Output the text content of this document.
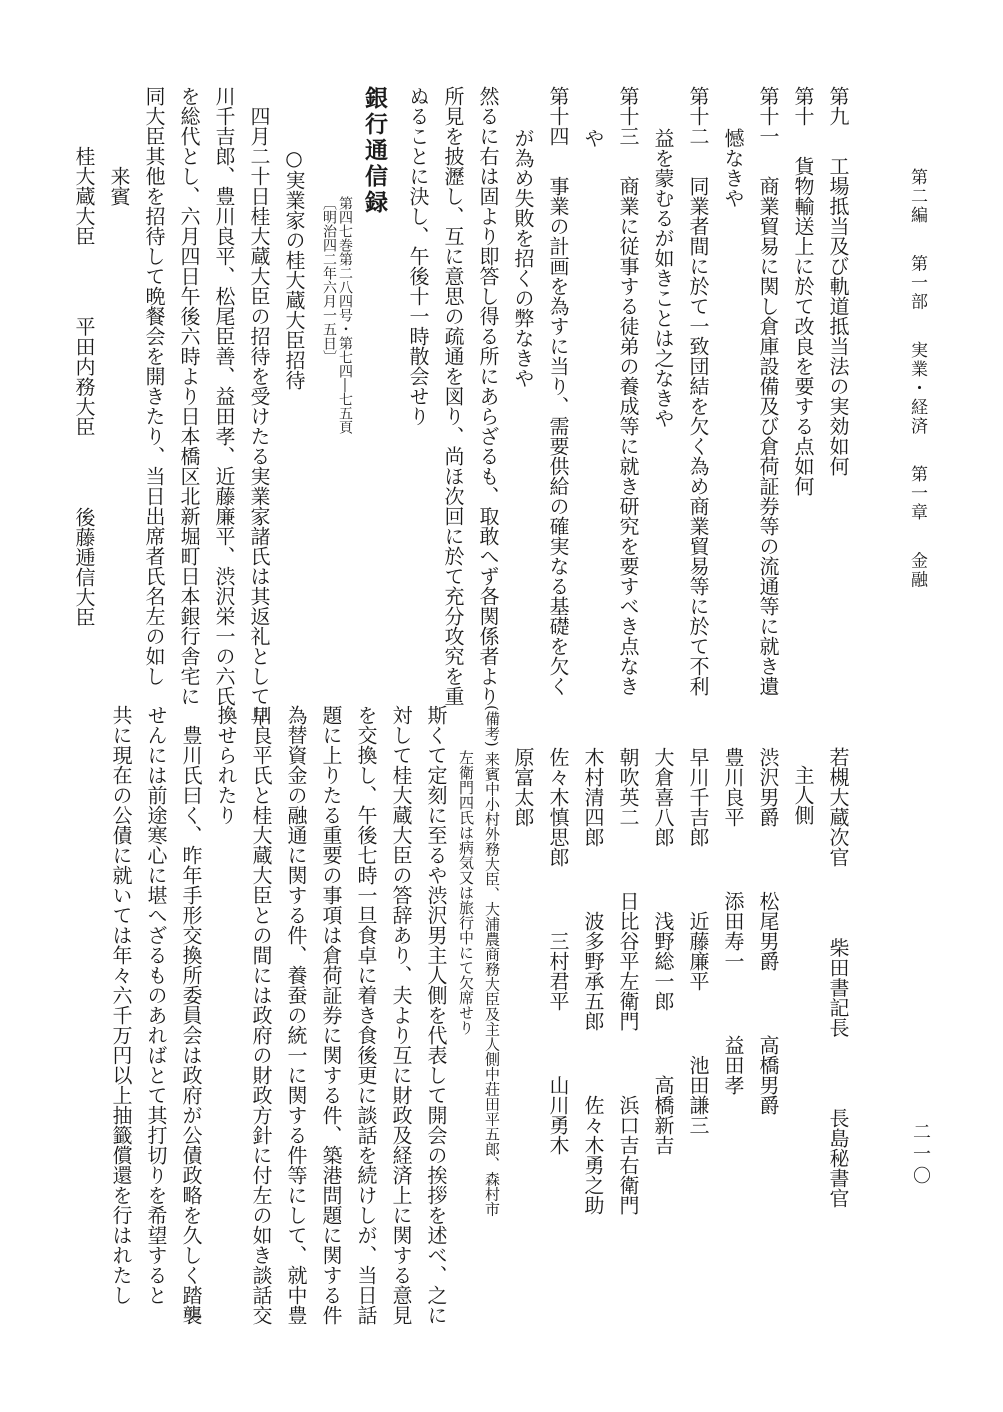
第二編 第一部 実業・経済 第一章 金融
二一〇

第九工場抵当及び軌道抵当法の実効如何

第十貨物輸送上に於て改良を要する点如何

第十一商業貿易に関し倉庫設備及び倉荷証券等の流通等に就き遺

憾なきや

第十二同業者間に於て一致団結を欠く為め商業貿易等に於て不利

益を蒙むるが如きことは之なきや

第十三商業に従事する徒弟の養成等に就き研究を要すべき点なき

や

第十四事業の計画を為すに当り、需要供給の確実なる基礎を欠く

が為め失敗を招くの弊なきや

然るに右は固より即答し得る所にあらざるも、取敢へず各関係者より

所見を披瀝し、互に意思の疏通を図り、尚ほ次回に於て充分攻究を重

ぬることに決し、午後十一時散会せり

銀行通信録

第四七巻第二八四号・第七四―七五頁
〔明治四二年六月一五日〕

○実業家の桂大蔵大臣招待

四月二十日桂大蔵大臣の招待を受けたる実業家諸氏は其返礼として早

川千吉郎、豊川良平、松尾臣善、益田孝、近藤廉平、渋沢栄一の六氏

を総代とし、六月四日午後六時より日本橋区北新堀町日本銀行舎宅に

同大臣其他を招待して晩餐会を開きたり、当日出席者氏名左の如し

来賓

桂大蔵大臣 平田内務大臣 後藤逓信大臣

若槻大蔵次官 柴田書記長 長島秘書官

主人側

渋沢男爵松尾男爵高橋男爵

豊川良平添田寿一益田孝

早川千吉郎近藤廉平池田謙三

大倉喜八郎浅野総一郎高橋新吉

朝吹英二日比谷平左衛門浜口吉右衛門

木村清四郎波多野承五郎佐々木勇之助

佐々木慎思郎三村君平山川勇木

原富太郎

(備考) 来賓中小村外務大臣、大浦農商務大臣及主人側中荘田平五郎、森村市

左衛門四氏は病気又は旅行中にて欠席せり

斯くて定刻に至るや渋沢男主人側を代表して開会の挨拶を述べ、之に

対して桂大蔵大臣の答辞あり、夫より互に財政及経済上に関する意見

を交換し、午後七時一旦食卓に着き食後更に談話を続けしが、当日話

題に上りたる重要の事項は倉荷証券に関する件、築港問題に関する件

為替資金の融通に関する件、養蚕の統一に関する件等にして、就中豊

川良平氏と桂大蔵大臣との間には政府の財政方針に付左の如き談話交

換せられたり

豊川氏曰く、昨年手形交換所委員会は政府が公債政略を久しく踏襲

せんには前途寒心に堪へざるものあればとて其打切りを希望すると

共に現在の公債に就いては年々六千万円以上抽籤償還を行はれたし
